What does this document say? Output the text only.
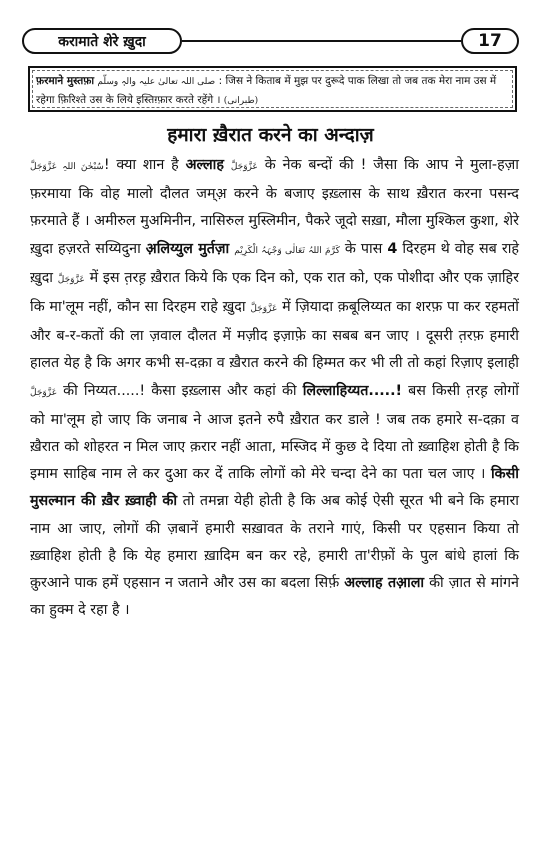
करामाते शेरे ख़ुदा	17
फ़रमाने मुस्तफ़ा صلی اللہ تعالیٰ علیہ والہٖ وسلّم : जिस ने किताब में मुझ पर दुरूदे पाक लिखा तो जब तक मेरा नाम उस में रहेगा फ़िरिश्ते उस के लिये इस्तिग़्फ़ार करते रहेंगे । (طبرانی)
हमारा ख़ैरात करने का अन्दाज़

سُبْحٰنَ اللہِ عَزَّوَجَلَّ! क्या शान है अल्लाह عَزَّوَجَلَّ के नेक बन्दों की ! जैसा कि आप ने मुला-हज़ा फ़रमाया कि वोह मालो दौलत जम्अ़ करने के बजाए इख़्लास के साथ ख़ैरात करना पसन्द फ़रमाते हैं । अमीरुल मुअमिनीन, नासिरुल मुस्लिमीन, पैकरे जूदो सख़ा, मौला मुश्किल कुशा, शेरे ख़ुदा हज़रते सय्यिदुना अ़लिय्युल मुर्तज़ा کَرَّمَ اللہُ تَعَالٰی وَجْہَہُ الْکَرِیْم के पास 4 दिरहम थे वोह सब राहे ख़ुदा عَزَّوَجَلَّ में इस त़रह़ ख़ैरात किये कि एक दिन को, एक रात को, एक पोशीदा और एक ज़ाहिर कि मा'लूम नहीं, कौन सा दिरहम राहे ख़ुदा عَزَّوَجَلَّ में ज़ियादा क़बूलिय्यत का शरफ़ पा कर रहमतों और ब-र-कतों की ला ज़वाल दौलत में मज़ीद इज़ाफ़े का सबब बन जाए । दूसरी त़रफ़ हमारी हालत येह है कि अगर कभी स-दक़ा व ख़ैरात करने की हिम्मत कर भी ली तो कहां रिज़ाए इलाही عَزَّوَجَلَّ की निय्यत.....! कैसा इख़्लास और कहां की लिल्लाहिय्यत.....! बस किसी त़रह़ लोगों को मा'लूम हो जाए कि जनाब ने आज इतने रुपै ख़ैरात कर डाले ! जब तक हमारे स-दक़ा व ख़ैरात को शोहरत न मिल जाए क़रार नहीं आता, मस्जिद में कुछ दे दिया तो ख़्वाहिश होती है कि इमाम साहिब नाम ले कर दुआ कर दें ताकि लोगों को मेरे चन्दा देने का पता चल जाए । किसी मुसल्मान की ख़ैर ख़्वाही की तो तमन्ना येही होती है कि अब कोई ऐसी सूरत भी बने कि हमारा नाम आ जाए, लोगों की ज़बानें हमारी सख़ावत के तराने गाएं, किसी पर एहसान किया तो ख़्वाहिश होती है कि येह हमारा ख़ादिम बन कर रहे, हमारी ता'रीफ़ों के पुल बांधे हालां कि क़ुरआने पाक हमें एहसान न जताने और उस का बदला सिर्फ़ अल्लाह तआ़ला की ज़ात से मांगने का हुक्म दे रहा है ।
